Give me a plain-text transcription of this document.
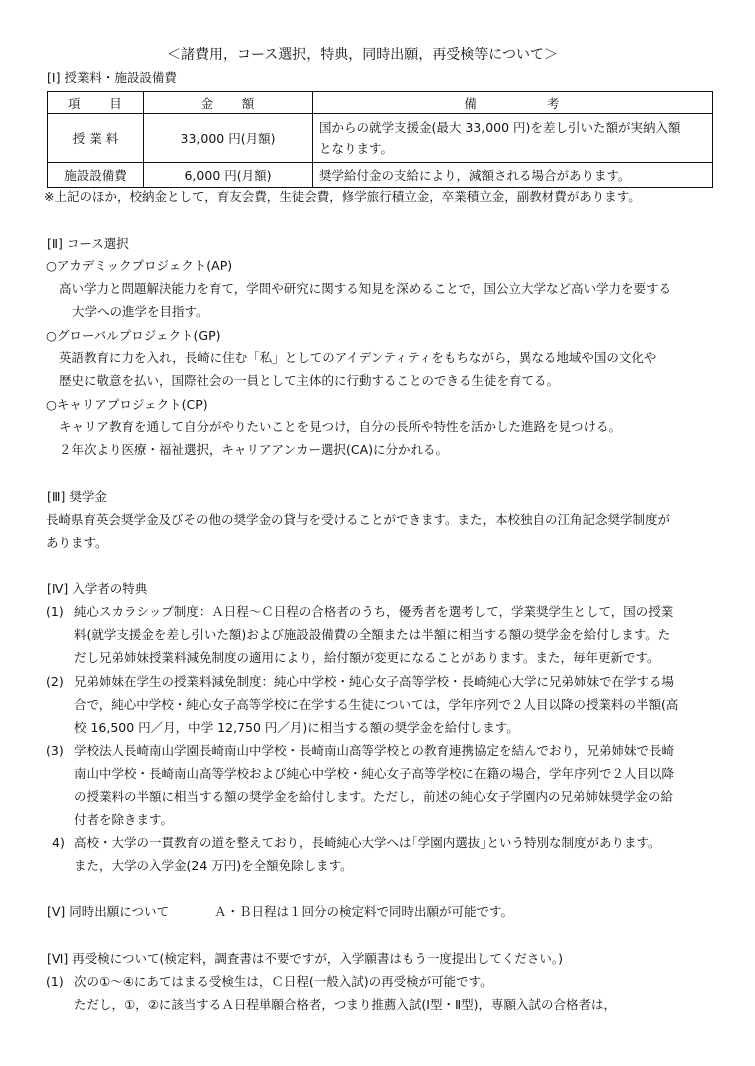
＜諸費用，コース選択，特典，同時出願，再受検等について＞
[Ⅰ] 授業料・施設設備費
項　　目	金　　額	備　　　　　考
授 業 料	33,000 円(月額)	国からの就学支援金(最大 33,000 円)を差し引いた額が実納入額
となります。

施設設備費	6,000 円(月額)	奨学給付金の支給により，減額される場合があります。
※上記のほか，校納金として，育友会費，生徒会費，修学旅行積立金，卒業積立金，副教材費があります。
[Ⅱ] コース選択
○アカデミックプロジェクト(AP)
高い学力と問題解決能力を育て，学問や研究に関する知見を深めることで，国公立大学など高い学力を要する
大学への進学を目指す。
○グローバルプロジェクト(GP)
英語教育に力を入れ，長崎に住む「私」としてのアイデンティティをもちながら，異なる地域や国の文化や
歴史に敬意を払い，国際社会の一員として主体的に行動することのできる生徒を育てる。
○キャリアプロジェクト(CP)
キャリア教育を通して自分がやりたいことを見つけ，自分の長所や特性を活かした進路を見つける。
２年次より医療・福祉選択，キャリアアンカー選択(CA)に分かれる。
[Ⅲ] 奨学金
長崎県育英会奨学金及びその他の奨学金の貸与を受けることができます。また，本校独自の江角記念奨学制度が
あります。
[Ⅳ] 入学者の特典
(1) 純心スカラシップ制度：Ａ日程～Ｃ日程の合格者のうち，優秀者を選考して，学業奨学生として，国の授業
料(就学支援金を差し引いた額)および施設設備費の全額または半額に相当する額の奨学金を給付します。た
だし兄弟姉妹授業料減免制度の適用により，給付額が変更になることがあります。また，毎年更新です。
(2) 兄弟姉妹在学生の授業料減免制度：純心中学校・純心女子高等学校・長崎純心大学に兄弟姉妹で在学する場
合で，純心中学校・純心女子高等学校に在学する生徒については，学年序列で２人目以降の授業料の半額(高
校 16,500 円／月，中学 12,750 円／月)に相当する額の奨学金を給付します。
(3) 学校法人長崎南山学園長崎南山中学校・長崎南山高等学校との教育連携協定を結んでおり，兄弟姉妹で長崎
南山中学校・長崎南山高等学校および純心中学校・純心女子高等学校に在籍の場合，学年序列で２人目以降
の授業料の半額に相当する額の奨学金を給付します。ただし，前述の純心女子学園内の兄弟姉妹奨学金の給
付者を除きます。
4) 高校・大学の一貫教育の道を整えており，長崎純心大学へは｢学園内選抜｣という特別な制度があります。
また，大学の入学金(24 万円)を全額免除します。
[Ⅴ] 同時出願について	Ａ・Ｂ日程は１回分の検定料で同時出願が可能です。
[Ⅵ] 再受検について(検定料，調査書は不要ですが，入学願書はもう一度提出してください。)
(1) 次の①～④にあてはまる受検生は，Ｃ日程(一般入試)の再受検が可能です。
ただし，①，②に該当するＡ日程単願合格者，つまり推薦入試(Ⅰ型・Ⅱ型)，専願入試の合格者は，
